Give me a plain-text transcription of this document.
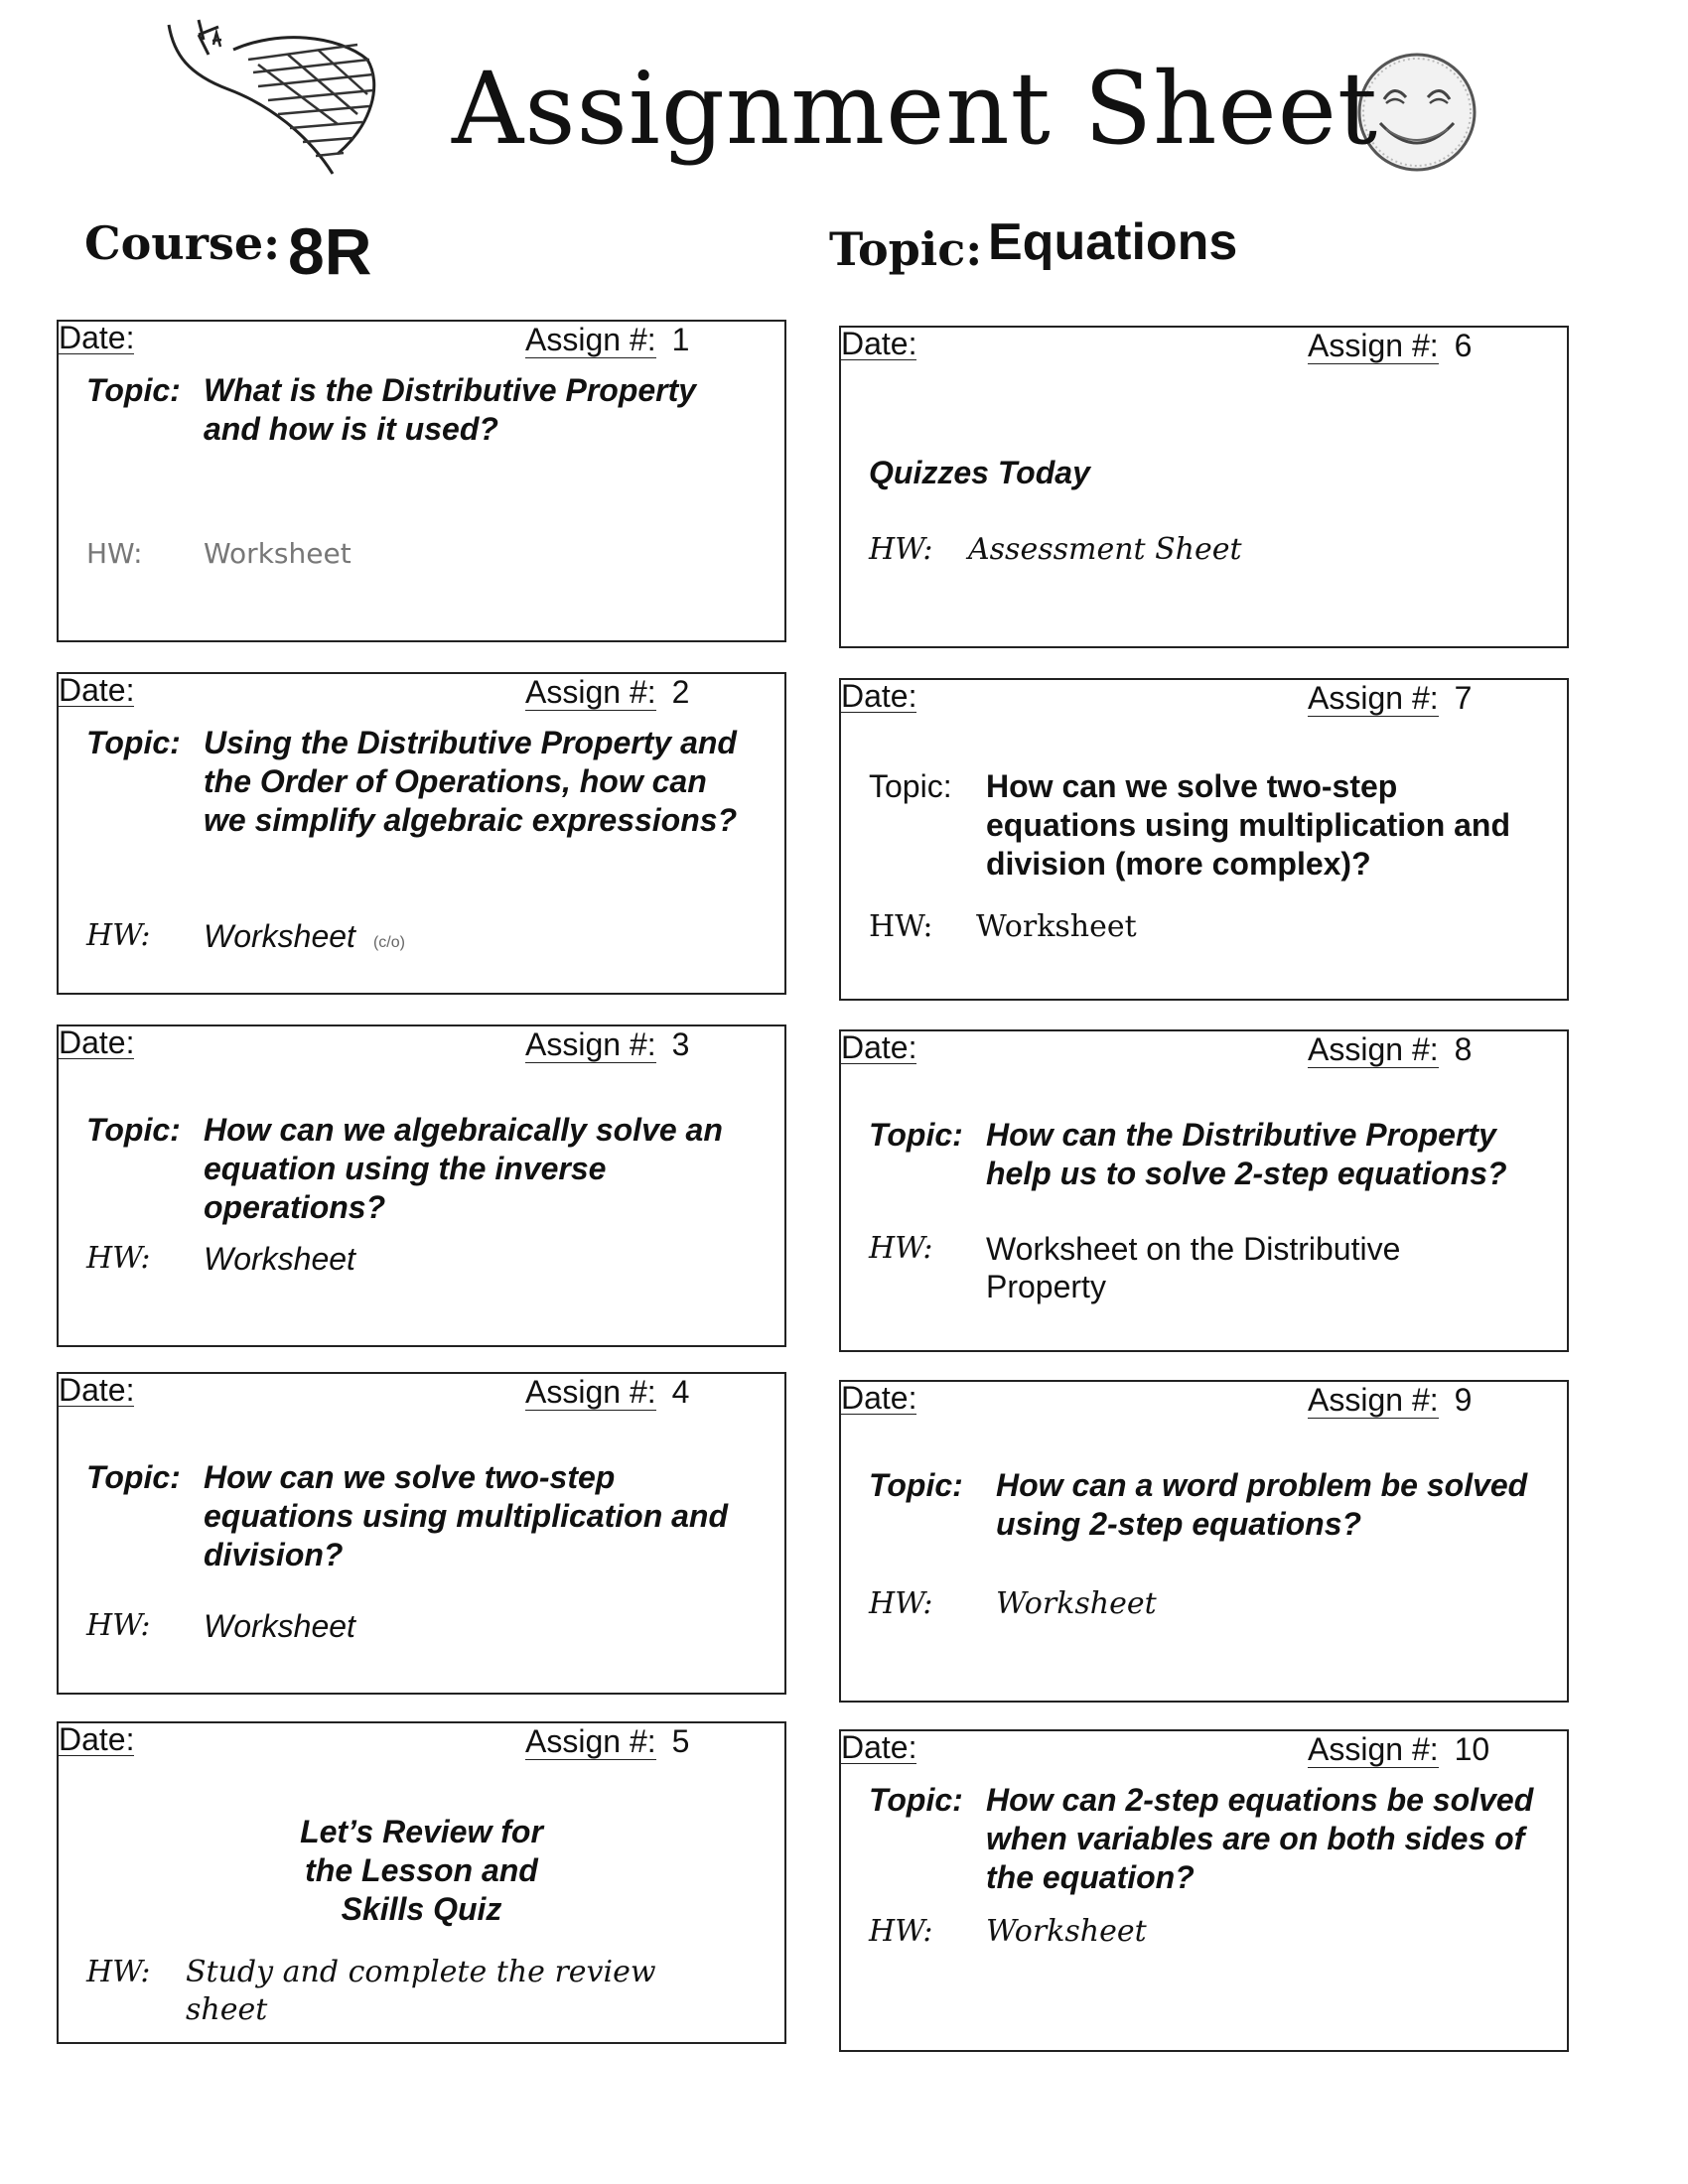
Assignment Sheet
Course: 8R	Topic: Equations
Date:	Assign #: 1
Topic: What is the Distributive Property and how is it used?
HW:	Worksheet
Date:	Assign #: 2
Topic: Using the Distributive Property and the Order of Operations, how can we simplify algebraic expressions?
HW:	Worksheet (c/o)
Date:	Assign #: 3
Topic: How can we algebraically solve an equation using the inverse operations?
HW:	Worksheet
Date:	Assign #: 4
Topic: How can we solve two-step equations using multiplication and division?
HW:	Worksheet
Date:	Assign #: 5
Let’s Review for the Lesson and Skills Quiz
HW:	Study and complete the review sheet
Date:	Assign #: 6
Quizzes Today
HW:	Assessment Sheet
Date:	Assign #: 7
Topic:	How can we solve two-step equations using multiplication and division (more complex)?
HW:	Worksheet
Date:	Assign #: 8
Topic: How can the Distributive Property help us to solve 2-step equations?
HW:	Worksheet on the Distributive Property
Date:	Assign #: 9
Topic:	How can a word problem be solved using 2-step equations?
HW:	Worksheet
Date:	Assign #: 10
Topic: How can 2-step equations be solved when variables are on both sides of the equation?
HW:	Worksheet
